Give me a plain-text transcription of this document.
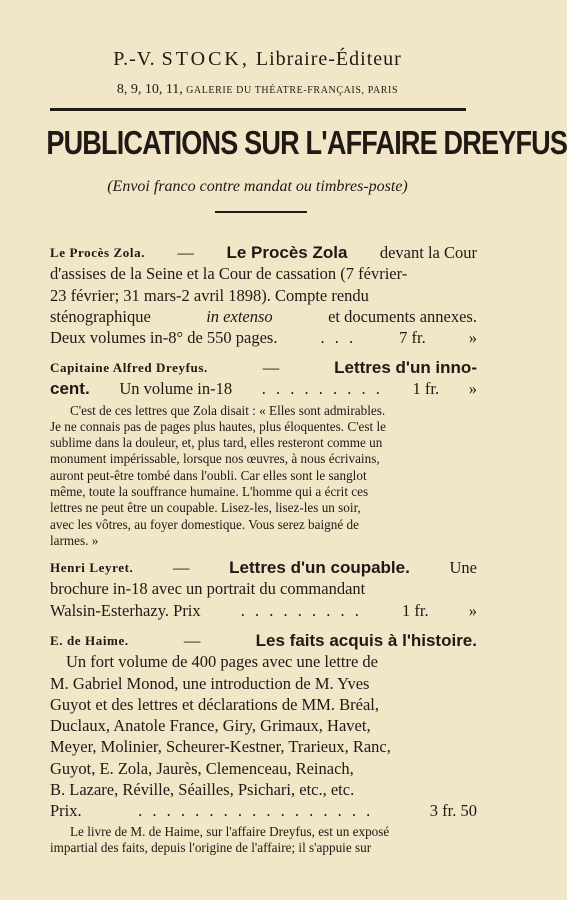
P.-V. STOCK, Libraire-Éditeur
8, 9, 10, 11, GALERIE DU THÉATRE-FRANÇAIS, PARIS
PUBLICATIONS SUR L'AFFAIRE DREYFUS
(Envoi franco contre mandat ou timbres-poste)
Le Procès Zola. — Le Procès Zola devant la Cour
d'assises de la Seine et la Cour de cassation (7 février-
23 février; 31 mars-2 avril 1898). Compte rendu
sténographique	in extenso	et documents annexes.
Deux volumes in-8° de 550 pages.	. . .	7 fr.	»
Capitaine Alfred Dreyfus.	—	Lettres d'un inno-
cent. Un volume in-18 . . . . . . . . . 1 fr. »
C'est de ces lettres que Zola disait : « Elles sont admirables.
Je ne connais pas de pages plus hautes, plus éloquentes. C'est le
sublime dans la douleur, et, plus tard, elles resteront comme un
monument impérissable, lorsque nos œuvres, à nous écrivains,
auront peut-être tombé dans l'oubli. Car elles sont le sanglot
même, toute la souffrance humaine. L'homme qui a écrit ces
lettres ne peut être un coupable. Lisez-les, lisez-les un soir,
avec les vôtres, au foyer domestique. Vous serez baigné de
larmes. »
Henri Leyret. — Lettres d'un coupable. Une
brochure in-18 avec un portrait du commandant
Walsin-Esterhazy. Prix . . . . . . . . . 1 fr. »
E. de Haime.	—	Les faits acquis à l'histoire.
Un fort volume de 400 pages avec une lettre de
M. Gabriel Monod, une introduction de M. Yves
Guyot et des lettres et déclarations de MM. Bréal,
Duclaux, Anatole France, Giry, Grimaux, Havet,
Meyer, Molinier, Scheurer-Kestner, Trarieux, Ranc,
Guyot, E. Zola, Jaurès, Clemenceau, Reinach,
B. Lazare, Réville, Séailles, Psichari, etc., etc.
Prix.	. . . . . . . . . . . . . . . . .	3 fr. 50
Le livre de M. de Haime, sur l'affaire Dreyfus, est un exposé
impartial des faits, depuis l'origine de l'affaire; il s'appuie sur
